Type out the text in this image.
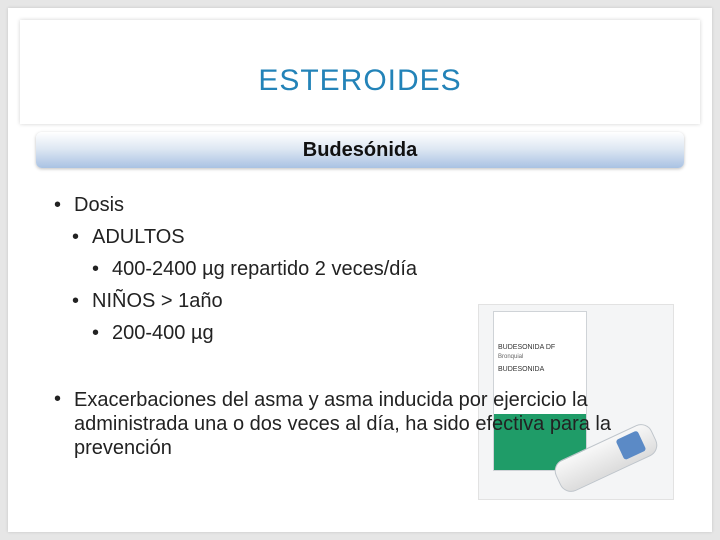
ESTEROIDES
Budesónida
BUDESONIDA DF
Bronquial
BUDESONIDA
• Dosis
• ADULTOS
• 400-2400 µg repartido 2 veces/día
• NIÑOS > 1año
• 200-400 µg
• Exacerbaciones del asma y asma inducida por ejercicio la administrada una o dos veces al día, ha sido efectiva para la prevención
